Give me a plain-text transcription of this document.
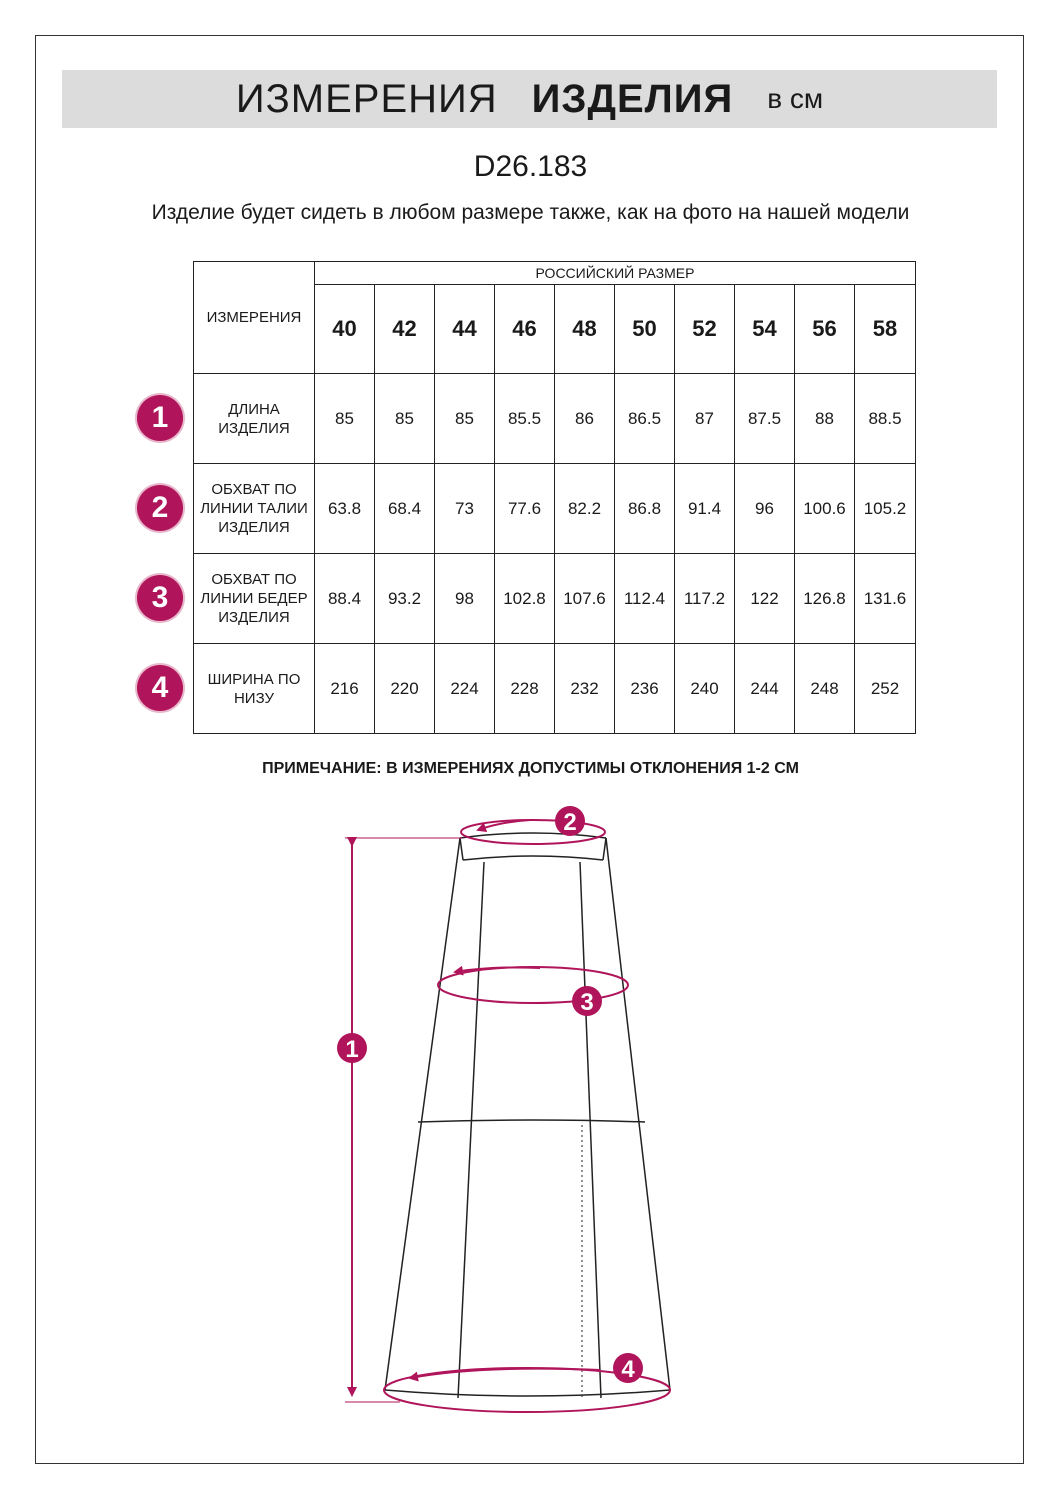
ИЗМЕРЕНИЯ ИЗДЕЛИЯ в см
D26.183
Изделие будет сидеть в любом размере также, как на фото на нашей модели
ИЗМЕРЕНИЯ	РОССИЙСКИЙ РАЗМЕР									
	40	42	44	46	48	50	52	54	56	58
ДЛИНА ИЗДЕЛИЯ	85	85	85	85.5	86	86.5	87	87.5	88	88.5
ОБХВАТ ПО ЛИНИИ ТАЛИИ ИЗДЕЛИЯ	63.8	68.4	73	77.6	82.2	86.8	91.4	96	100.6	105.2
ОБХВАТ ПО ЛИНИИ БЕДЕР ИЗДЕЛИЯ	88.4	93.2	98	102.8	107.6	112.4	117.2	122	126.8	131.6
ШИРИНА ПО НИЗУ	216	220	224	228	232	236	240	244	248	252
1
2
3
4
ПРИМЕЧАНИЕ: В ИЗМЕРЕНИЯХ ДОПУСТИМЫ ОТКЛОНЕНИЯ 1-2 СМ
1
2
3
4
